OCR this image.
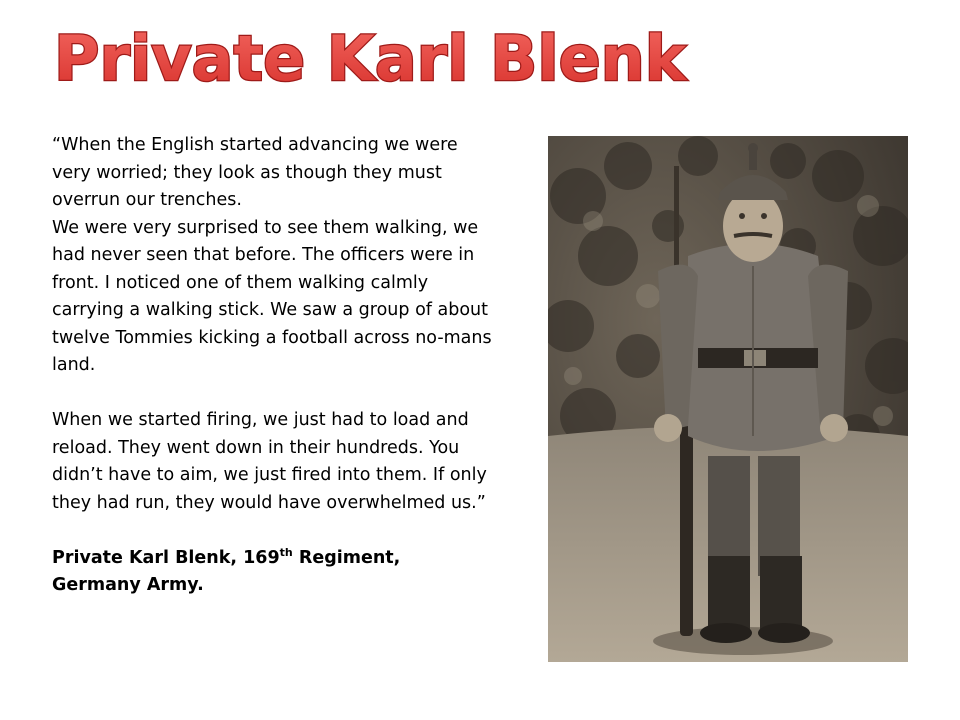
Private Karl Blenk

“When the English started advancing we were very worried; they look as though they must overrun our trenches.

We were very surprised to see them walking, we had never seen that before. The officers were in front. I noticed one of them walking calmly carrying a walking stick. We saw a group of about twelve Tommies kicking a football across no-mans land.

When we started firing, we just had to load and reload. They went down in their hundreds. You didn’t have to aim, we just fired into them. If only they had run, they would have overwhelmed us.”

Private Karl Blenk, 169th Regiment,

Germany Army.
